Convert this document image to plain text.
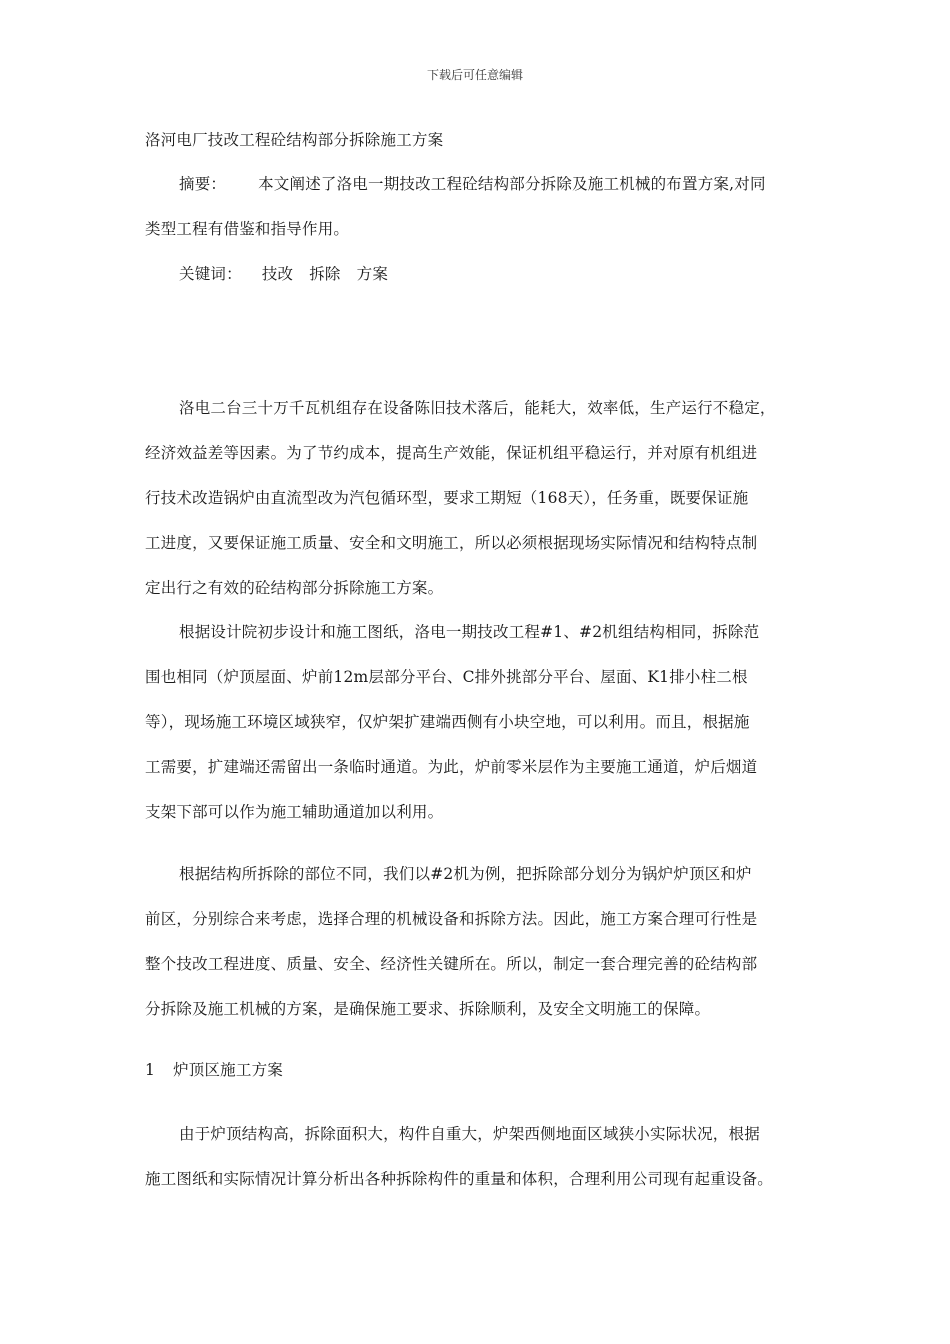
下载后可任意编辑
洛河电厂技改工程砼结构部分拆除施工方案
摘要： 本文阐述了洛电一期技改工程砼结构部分拆除及施工机械的布置方案,对同
类型工程有借鉴和指导作用。
关键词： 技改 拆除 方案
洛电二台三十万千瓦机组存在设备陈旧技术落后，能耗大，效率低，生产运行不稳定，
经济效益差等因素。为了节约成本，提高生产效能，保证机组平稳运行，并对原有机组进
行技术改造锅炉由直流型改为汽包循环型，要求工期短（168天），任务重，既要保证施
工进度，又要保证施工质量、安全和文明施工，所以必须根据现场实际情况和结构特点制
定出行之有效的砼结构部分拆除施工方案。
根据设计院初步设计和施工图纸，洛电一期技改工程#1、#2机组结构相同，拆除范
围也相同（炉顶屋面、炉前12m层部分平台、C排外挑部分平台、屋面、K1排小柱二根
等），现场施工环境区域狭窄，仅炉架扩建端西侧有小块空地，可以利用。而且，根据施
工需要，扩建端还需留出一条临时通道。为此，炉前零米层作为主要施工通道，炉后烟道
支架下部可以作为施工辅助通道加以利用。
根据结构所拆除的部位不同，我们以#2机为例，把拆除部分划分为锅炉炉顶区和炉
前区，分别综合来考虑，选择合理的机械设备和拆除方法。因此，施工方案合理可行性是
整个技改工程进度、质量、安全、经济性关键所在。所以，制定一套合理完善的砼结构部
分拆除及施工机械的方案，是确保施工要求、拆除顺利，及安全文明施工的保障。
1 炉顶区施工方案
由于炉顶结构高，拆除面积大，构件自重大，炉架西侧地面区域狭小实际状况，根据
施工图纸和实际情况计算分析出各种拆除构件的重量和体积，合理利用公司现有起重设备。
